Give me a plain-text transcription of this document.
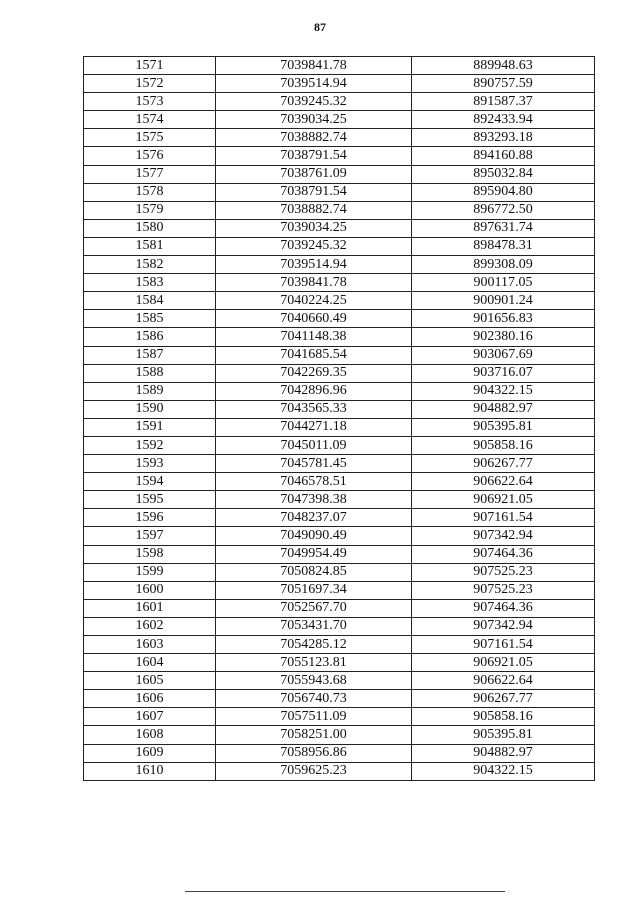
87
1571	7039841.78	889948.63
1572	7039514.94	890757.59
1573	7039245.32	891587.37
1574	7039034.25	892433.94
1575	7038882.74	893293.18
1576	7038791.54	894160.88
1577	7038761.09	895032.84
1578	7038791.54	895904.80
1579	7038882.74	896772.50
1580	7039034.25	897631.74
1581	7039245.32	898478.31
1582	7039514.94	899308.09
1583	7039841.78	900117.05
1584	7040224.25	900901.24
1585	7040660.49	901656.83
1586	7041148.38	902380.16
1587	7041685.54	903067.69
1588	7042269.35	903716.07
1589	7042896.96	904322.15
1590	7043565.33	904882.97
1591	7044271.18	905395.81
1592	7045011.09	905858.16
1593	7045781.45	906267.77
1594	7046578.51	906622.64
1595	7047398.38	906921.05
1596	7048237.07	907161.54
1597	7049090.49	907342.94
1598	7049954.49	907464.36
1599	7050824.85	907525.23
1600	7051697.34	907525.23
1601	7052567.70	907464.36
1602	7053431.70	907342.94
1603	7054285.12	907161.54
1604	7055123.81	906921.05
1605	7055943.68	906622.64
1606	7056740.73	906267.77
1607	7057511.09	905858.16
1608	7058251.00	905395.81
1609	7058956.86	904882.97
1610	7059625.23	904322.15
